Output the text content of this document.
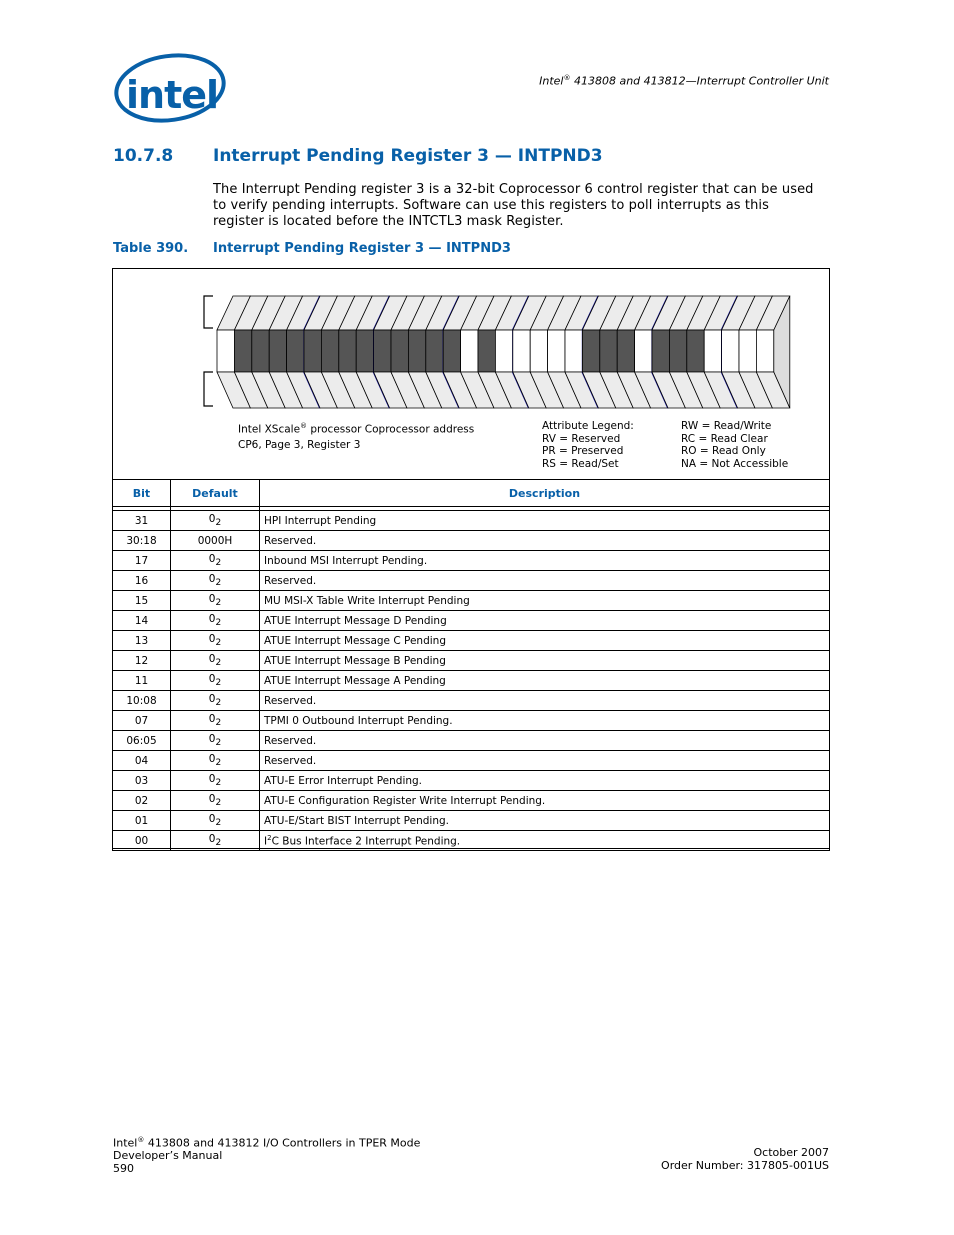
intel	Intel® 413808 and 413812—Interrupt Controller Unit
10.7.8 Interrupt Pending Register 3 — INTPND3
The Interrupt Pending register 3 is a 32-bit Coprocessor 6 control register that can be used to verify pending interrupts. Software can use this registers to poll interrupts as this register is located before the INTCTL3 mask Register.
Table 390. Interrupt Pending Register 3 — INTPND3
Intel XScale® processor Coprocessor address
CP6, Page 3, Register 3
Attribute Legend:
RV = Reserved
PR = Preserved
RS = Read/Set
RW = Read/Write
RC = Read Clear
RO = Read Only
NA = Not Accessible
Bit	Default	Description

31	02	HPI Interrupt Pending
30:18	0000H	Reserved.
17	02	Inbound MSI Interrupt Pending.
16	02	Reserved.
15	02	MU MSI-X Table Write Interrupt Pending
14	02	ATUE Interrupt Message D Pending
13	02	ATUE Interrupt Message C Pending
12	02	ATUE Interrupt Message B Pending
11	02	ATUE Interrupt Message A Pending
10:08	02	Reserved.
07	02	TPMI 0 Outbound Interrupt Pending.
06:05	02	Reserved.
04	02	Reserved.
03	02	ATU-E Error Interrupt Pending.
02	02	ATU-E Configuration Register Write Interrupt Pending.
01	02	ATU-E/Start BIST Interrupt Pending.
00	02	$I^2C$ Bus Interface 2 Interrupt Pending.
Intel® 413808 and 413812 I/O Controllers in TPER Mode
Developer’s Manual
590
October 2007
Order Number: 317805-001US
